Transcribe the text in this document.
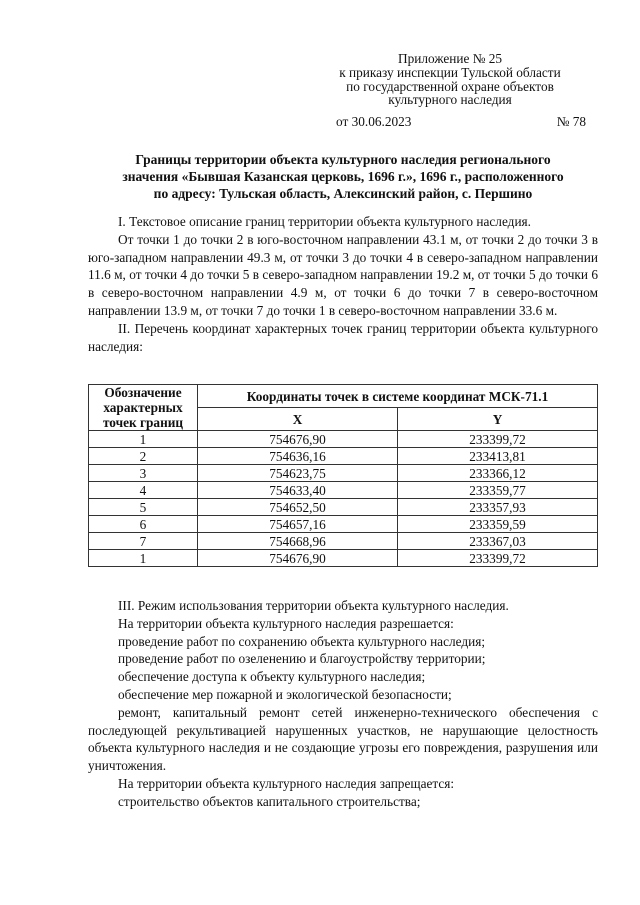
Приложение № 25
к приказу инспекции Тульской области
по государственной охране объектов
культурного наследия
от 30.06.2023	№ 78
Границы территории объекта культурного наследия регионального
значения «Бывшая Казанская церковь, 1696 г.», 1696 г., расположенного
по адресу: Тульская область, Алексинский район, с. Першино

I. Текстовое описание границ территории объекта культурного наследия.

От точки 1 до точки 2 в юго-восточном направлении 43.1 м, от точки 2 до точки 3 в юго-западном направлении 49.3 м, от точки 3 до точки 4 в северо-западном направлении 11.6 м, от точки 4 до точки 5 в северо-западном направлении 19.2 м, от точки 5 до точки 6 в северо-восточном направлении 4.9 м, от точки 6 до точки 7 в северо-восточном направлении 13.9 м, от точки 7 до точки 1 в северо-восточном направлении 33.6 м.

II. Перечень координат характерных точек границ территории объекта культурного наследия:

Обозначение характерных точек границ	Координаты точек в системе координат МСК-71.1	
	X	Y
1	754676,90	233399,72
2	754636,16	233413,81
3	754623,75	233366,12
4	754633,40	233359,77
5	754652,50	233357,93
6	754657,16	233359,59
7	754668,96	233367,03
1	754676,90	233399,72

III. Режим использования территории объекта культурного наследия.

На территории объекта культурного наследия разрешается:

проведение работ по сохранению объекта культурного наследия;

проведение работ по озеленению и благоустройству территории;

обеспечение доступа к объекту культурного наследия;

обеспечение мер пожарной и экологической безопасности;

ремонт, капитальный ремонт сетей инженерно-технического обеспечения с последующей рекультивацией нарушенных участков, не нарушающие целостность объекта культурного наследия и не создающие угрозы его повреждения, разрушения или уничтожения.

На территории объекта культурного наследия запрещается:

строительство объектов капитального строительства;
